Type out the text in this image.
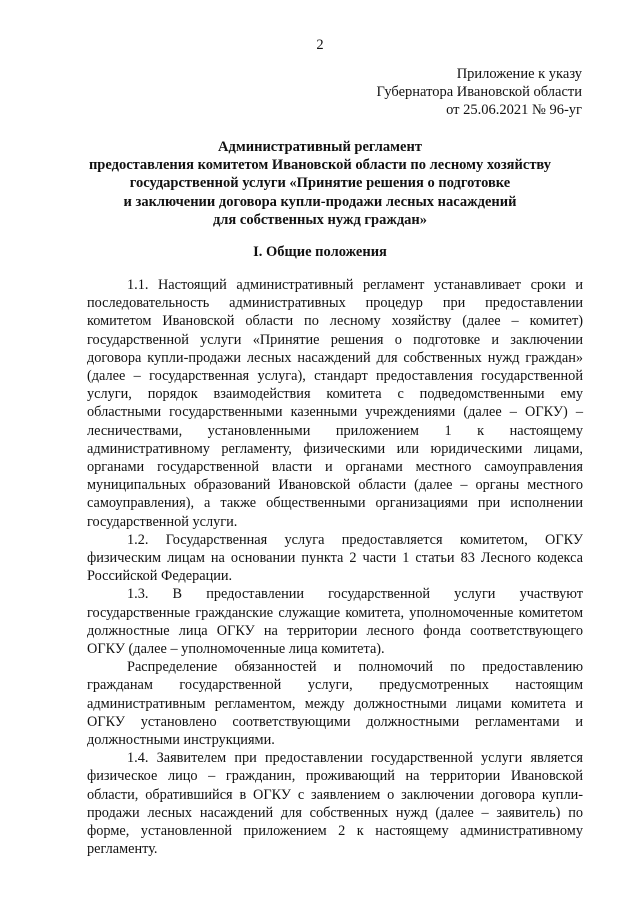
2
Приложение к указу
Губернатора Ивановской области
от 25.06.2021 № 96-уг
Административный регламент
предоставления комитетом Ивановской области по лесному хозяйству
государственной услуги «Принятие решения о подготовке
и заключении договора купли-продажи лесных насаждений
для собственных нужд граждан»
I. Общие положения

1.1. Настоящий административный регламент устанавливает сроки и последовательность административных процедур при предоставлении комитетом Ивановской области по лесному хозяйству (далее – комитет) государственной услуги «Принятие решения о подготовке и заключении договора купли-продажи лесных насаждений для собственных нужд граждан» (далее – государственная услуга), стандарт предоставления государственной услуги, порядок взаимодействия комитета с подведомственными ему областными государственными казенными учреждениями (далее – ОГКУ) – лесничествами, установленными приложением 1 к настоящему административному регламенту, физическими или юридическими лицами, органами государственной власти и органами местного самоуправления муниципальных образований Ивановской области (далее – органы местного самоуправления), а также общественными организациями при исполнении государственной услуги.

1.2. Государственная услуга предоставляется комитетом, ОГКУ физическим лицам на основании пункта 2 части 1 статьи 83 Лесного кодекса Российской Федерации.

1.3. В предоставлении государственной услуги участвуют государственные гражданские служащие комитета, уполномоченные комитетом должностные лица ОГКУ на территории лесного фонда соответствующего ОГКУ (далее – уполномоченные лица комитета).

Распределение обязанностей и полномочий по предоставлению гражданам государственной услуги, предусмотренных настоящим административным регламентом, между должностными лицами комитета и ОГКУ установлено соответствующими должностными регламентами и должностными инструкциями.

1.4. Заявителем при предоставлении государственной услуги является физическое лицо – гражданин, проживающий на территории Ивановской области, обратившийся в ОГКУ с заявлением о заключении договора купли-продажи лесных насаждений для собственных нужд (далее – заявитель) по форме, установленной приложением 2 к настоящему административному регламенту.
